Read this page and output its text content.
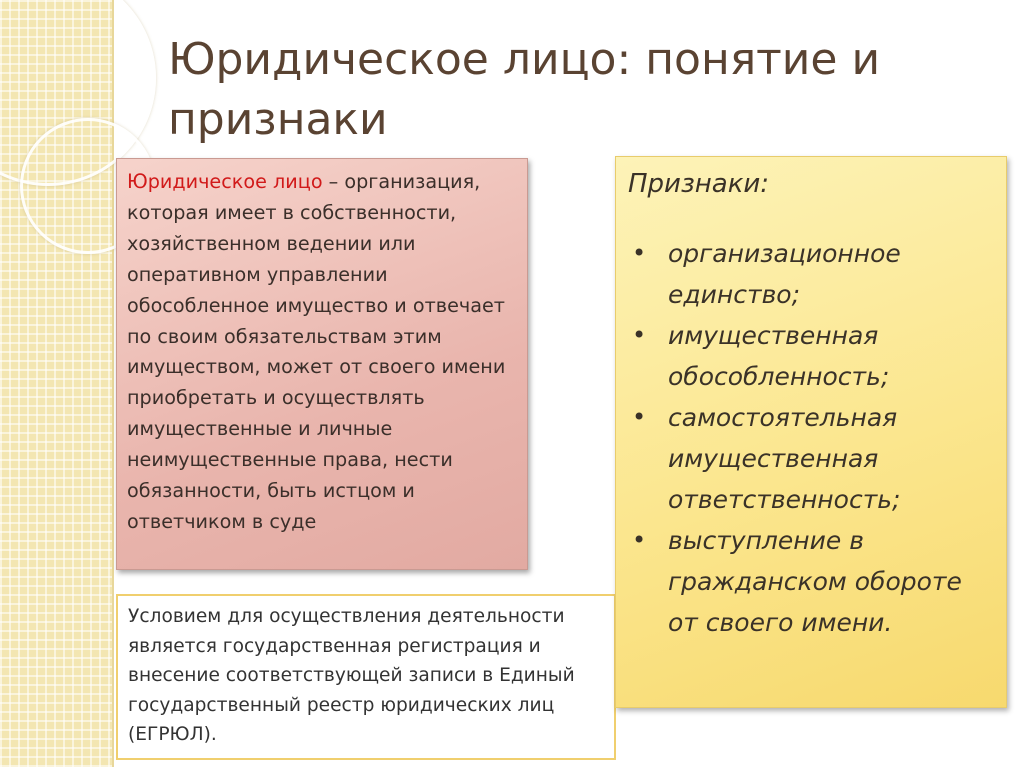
Юридическое лицо: понятие и признаки
Юридическое лицо – организация, которая имеет в собственности, хозяйственном ведении или оперативном управлении обособленное имущество и отвечает по своим обязательствам этим имуществом, может от своего имени приобретать и осуществлять имущественные и личные неимущественные права, нести обязанности, быть истцом и ответчиком в суде
Условием для осуществления деятельности является государственная регистрация и внесение соответствующей записи в Единый государственный реестр юридических лиц (ЕГРЮЛ).

Признаки:

• организационное единство;
• имущественная обособленность;
• самостоятельная имущественная ответственность;
• выступление в гражданском обороте от своего имени.
